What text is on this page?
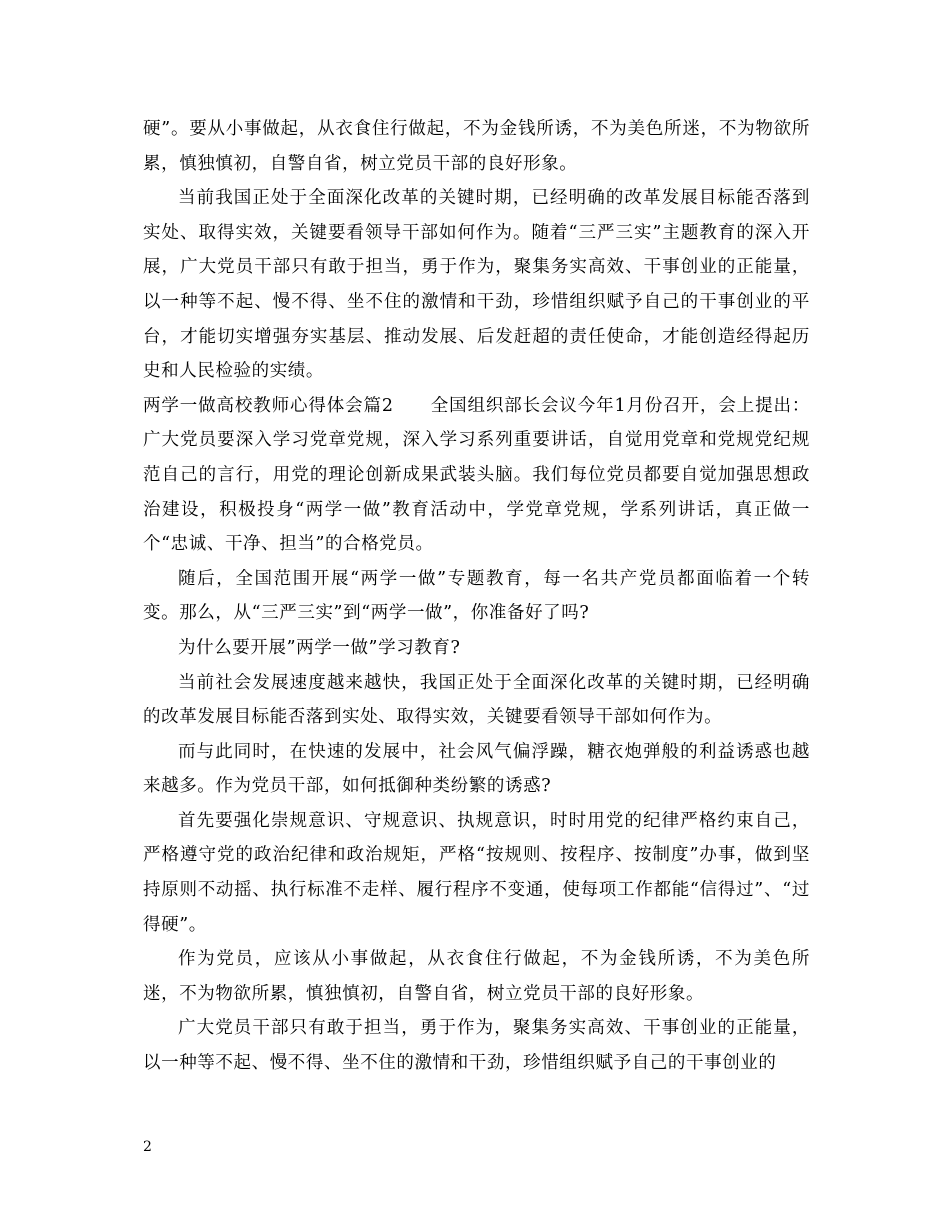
硬”。要从小事做起，从衣食住行做起，不为金钱所诱，不为美色所迷，不为物欲所累，慎独慎初，自警自省，树立党员干部的良好形象。

当前我国正处于全面深化改革的关键时期，已经明确的改革发展目标能否落到实处、取得实效，关键要看领导干部如何作为。随着“三严三实”主题教育的深入开展，广大党员干部只有敢于担当，勇于作为，聚集务实高效、干事创业的正能量，以一种等不起、慢不得、坐不住的激情和干劲，珍惜组织赋予自己的干事创业的平台，才能切实增强夯实基层、推动发展、后发赶超的责任使命，才能创造经得起历史和人民检验的实绩。

两学一做高校教师心得体会篇2　　全国组织部长会议今年1月份召开，会上提出：广大党员要深入学习党章党规，深入学习系列重要讲话，自觉用党章和党规党纪规范自己的言行，用党的理论创新成果武装头脑。我们每位党员都要自觉加强思想政治建设，积极投身“两学一做”教育活动中，学党章党规，学系列讲话，真正做一个“忠诚、干净、担当”的合格党员。

随后，全国范围开展“两学一做”专题教育，每一名共产党员都面临着一个转变。那么，从“三严三实”到“两学一做”，你准备好了吗?

为什么要开展”两学一做”学习教育?

当前社会发展速度越来越快，我国正处于全面深化改革的关键时期，已经明确的改革发展目标能否落到实处、取得实效，关键要看领导干部如何作为。

而与此同时，在快速的发展中，社会风气偏浮躁，糖衣炮弹般的利益诱惑也越来越多。作为党员干部，如何抵御种类纷繁的诱惑?

首先要强化崇规意识、守规意识、执规意识，时时用党的纪律严格约束自己，严格遵守党的政治纪律和政治规矩，严格“按规则、按程序、按制度”办事，做到坚持原则不动摇、执行标准不走样、履行程序不变通，使每项工作都能“信得过”、“过得硬”。

作为党员，应该从小事做起，从衣食住行做起，不为金钱所诱，不为美色所迷，不为物欲所累，慎独慎初，自警自省，树立党员干部的良好形象。

广大党员干部只有敢于担当，勇于作为，聚集务实高效、干事创业的正能量，以一种等不起、慢不得、坐不住的激情和干劲，珍惜组织赋予自己的干事创业的

2
